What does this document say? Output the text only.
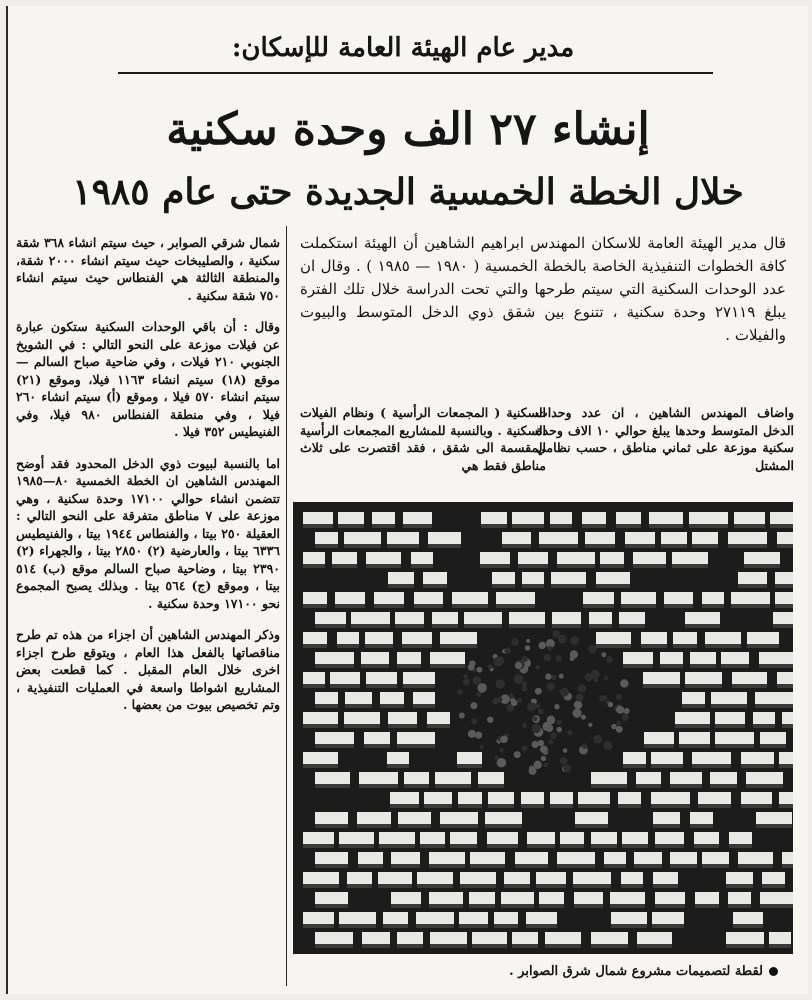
مدير عام الهيئة العامة للإسكان:
إنشاء ٢٧ الف وحدة سكنية
خلال الخطة الخمسية الجديدة حتى عام ١٩٨٥
قال مدير الهيئة العامة للاسكان المهندس ابراهيم الشاهين أن الهيئة استكملت كافة الخطوات التنفيذية الخاصة بالخطة الخمسية ( ١٩٨٠ — ١٩٨٥ ) . وقال ان عدد الوحدات السكنية التي سيتم طرحها والتي تحت الدراسة خلال تلك الفترة يبلغ ٢٧١١٩ وحدة سكنية ، تتنوع بين شقق ذوي الدخل المتوسط والبيوت والفيلات .
واضاف المهندس الشاهين ، ان عدد وحدات الدخل المتوسط وحدها يبلغ حوالي ١٠ الاف وحدة سكنية موزعة على ثماني مناطق ، حسب نظامي المشتل
السكنية ( المجمعات الرأسية ) ونظام الفيلات السكنية . وبالنسبة للمشاريع المجمعات الرأسية المقسمة الى شقق ، فقد اقتصرت على ثلاث مناطق فقط هي

شمال شرقي الصوابر ، حيث سيتم انشاء ٣٦٨ شقة سكنية ، والصليبخات حيث سيتم انشاء ٢٠٠٠ شقة، والمنطقة الثالثة هي الفنطاس حيث سيتم انشاء ٧٥٠ شقة سكنية .

وقال : أن باقي الوحدات السكنية ستكون عبارة عن فيلات موزعة على النحو التالي : في الشويخ الجنوبي ٢١٠ فيلات ، وفي ضاحية صباح السالم — موقع (١٨) سيتم انشاء ١١٦٣ فيلا، وموقع (٢١) سيتم انشاء ٥٧٠ فيلا ، وموقع (أ) سيتم انشاء ٢٦٠ فيلا ، وفي منطقة الفنطاس ٩٨٠ فيلا، وفي الفنيطيس ٣٥٢ فيلا .

اما بالنسبة لبيوت ذوي الدخل المحدود فقد أوضح المهندس الشاهين ان الخطة الخمسية ٨٠—١٩٨٥ تتضمن انشاء حوالي ١٧١٠٠ وحدة سكنية ، وهي موزعة على ٧ مناطق متفرقة على النحو التالي : العقيلة ٢٥٠ بيتا ، والفنطاس ١٩٤٤ بيتا ، والفنيطيس ٦٣٣٦ بيتا ، والعارضية (٢) ٢٨٥٠ بيتا ، والجهراء (٢) ٢٣٩٠ بيتا ، وضاحية صباح السالم موقع (ب) ٥١٤ بيتا ، وموقع (ج) ٥٦٤ بيتا . وبذلك يصبح المجموع نحو ١٧١٠٠ وحدة سكنية .

وذكر المهندس الشاهين أن اجزاء من هذه تم طرح مناقصاتها بالفعل هذا العام ، ويتوقع طرح اجزاء اخرى خلال العام المقبل . كما قطعت بعض المشاريع اشواطا واسعة في العمليات التنفيذية ، وتم تخصيص بيوت من بعضها .

لقطة لتصميمات مشروع شمال شرق الصوابر .
